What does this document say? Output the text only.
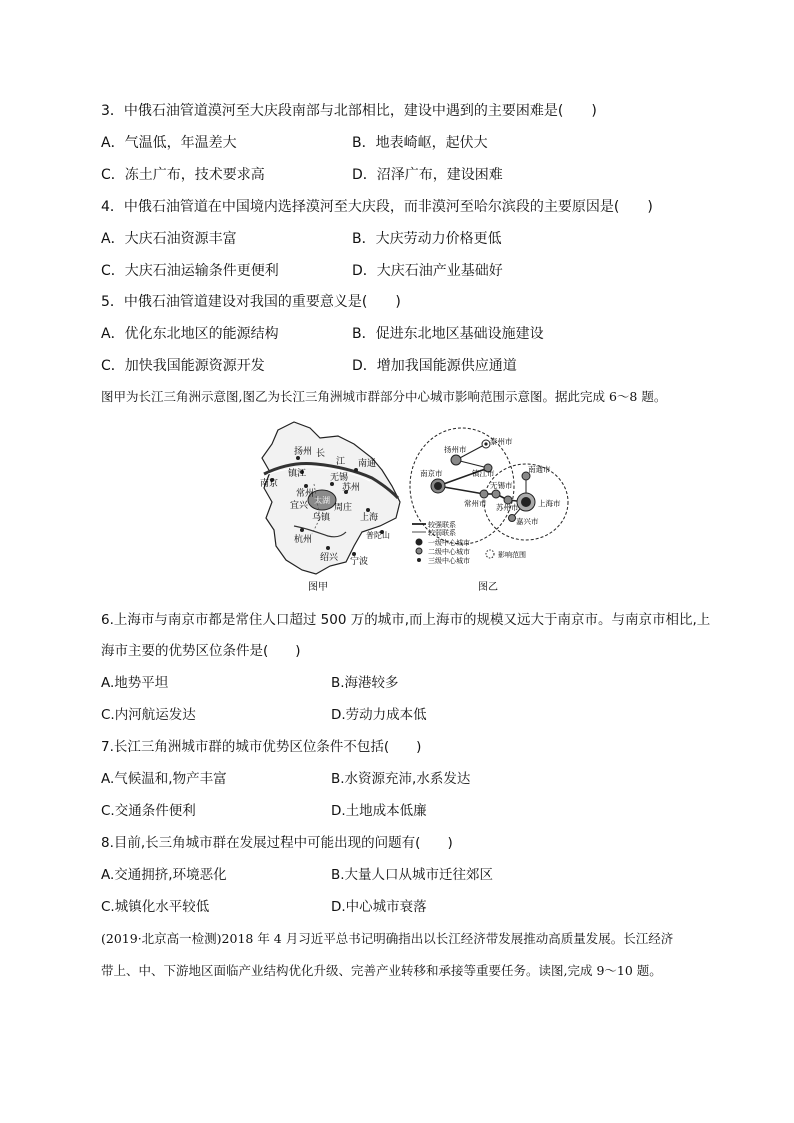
3．中俄石油管道漠河至大庆段南部与北部相比，建设中遇到的主要困难是(　　)
A．气温低，年温差大	B．地表崎岖，起伏大
C．冻土广布，技术要求高	D．沼泽广布，建设困难
4．中俄石油管道在中国境内选择漠河至大庆段，而非漠河至哈尔滨段的主要原因是(　　)
A．大庆石油资源丰富	B．大庆劳动力价格更低
C．大庆石油运输条件更便利	D．大庆石油产业基础好
5．中俄石油管道建设对我国的重要意义是(　　)
A．优化东北地区的能源结构	B．促进东北地区基础设施建设
C．加快我国能源资源开发	D．增加我国能源供应通道
图甲为长江三角洲示意图,图乙为长江三角洲城市群部分中心城市影响范围示意图。据此完成 6～8 题。
扬州 长
江 南通
南京
镇江
常州
无锡
苏州
宜兴
太湖
乌镇
周庄
上海
杭州	普陀山
绍兴 宁波
图甲
扬州市
泰州市
南京市	镇江市	南通市
无锡市
常州市 苏州市	上海市
嘉兴市
较强联系
较弱联系
一级中心城市
二级中心城市
三级中心城市
影响范围
图乙
6.上海市与南京市都是常住人口超过 500 万的城市,而上海市的规模又远大于南京市。与南京市相比,上
海市主要的优势区位条件是(　　)
A.地势平坦	B.海港较多
C.内河航运发达	D.劳动力成本低
7.长江三角洲城市群的城市优势区位条件不包括(　　)
A.气候温和,物产丰富	B.水资源充沛,水系发达
C.交通条件便利	D.土地成本低廉
8.目前,长三角城市群在发展过程中可能出现的问题有(　　)
A.交通拥挤,环境恶化	B.大量人口从城市迁往郊区
C.城镇化水平较低	D.中心城市衰落
(2019·北京高一检测)2018 年 4 月习近平总书记明确指出以长江经济带发展推动高质量发展。长江经济
带上、中、下游地区面临产业结构优化升级、完善产业转移和承接等重要任务。读图,完成 9～10 题。
